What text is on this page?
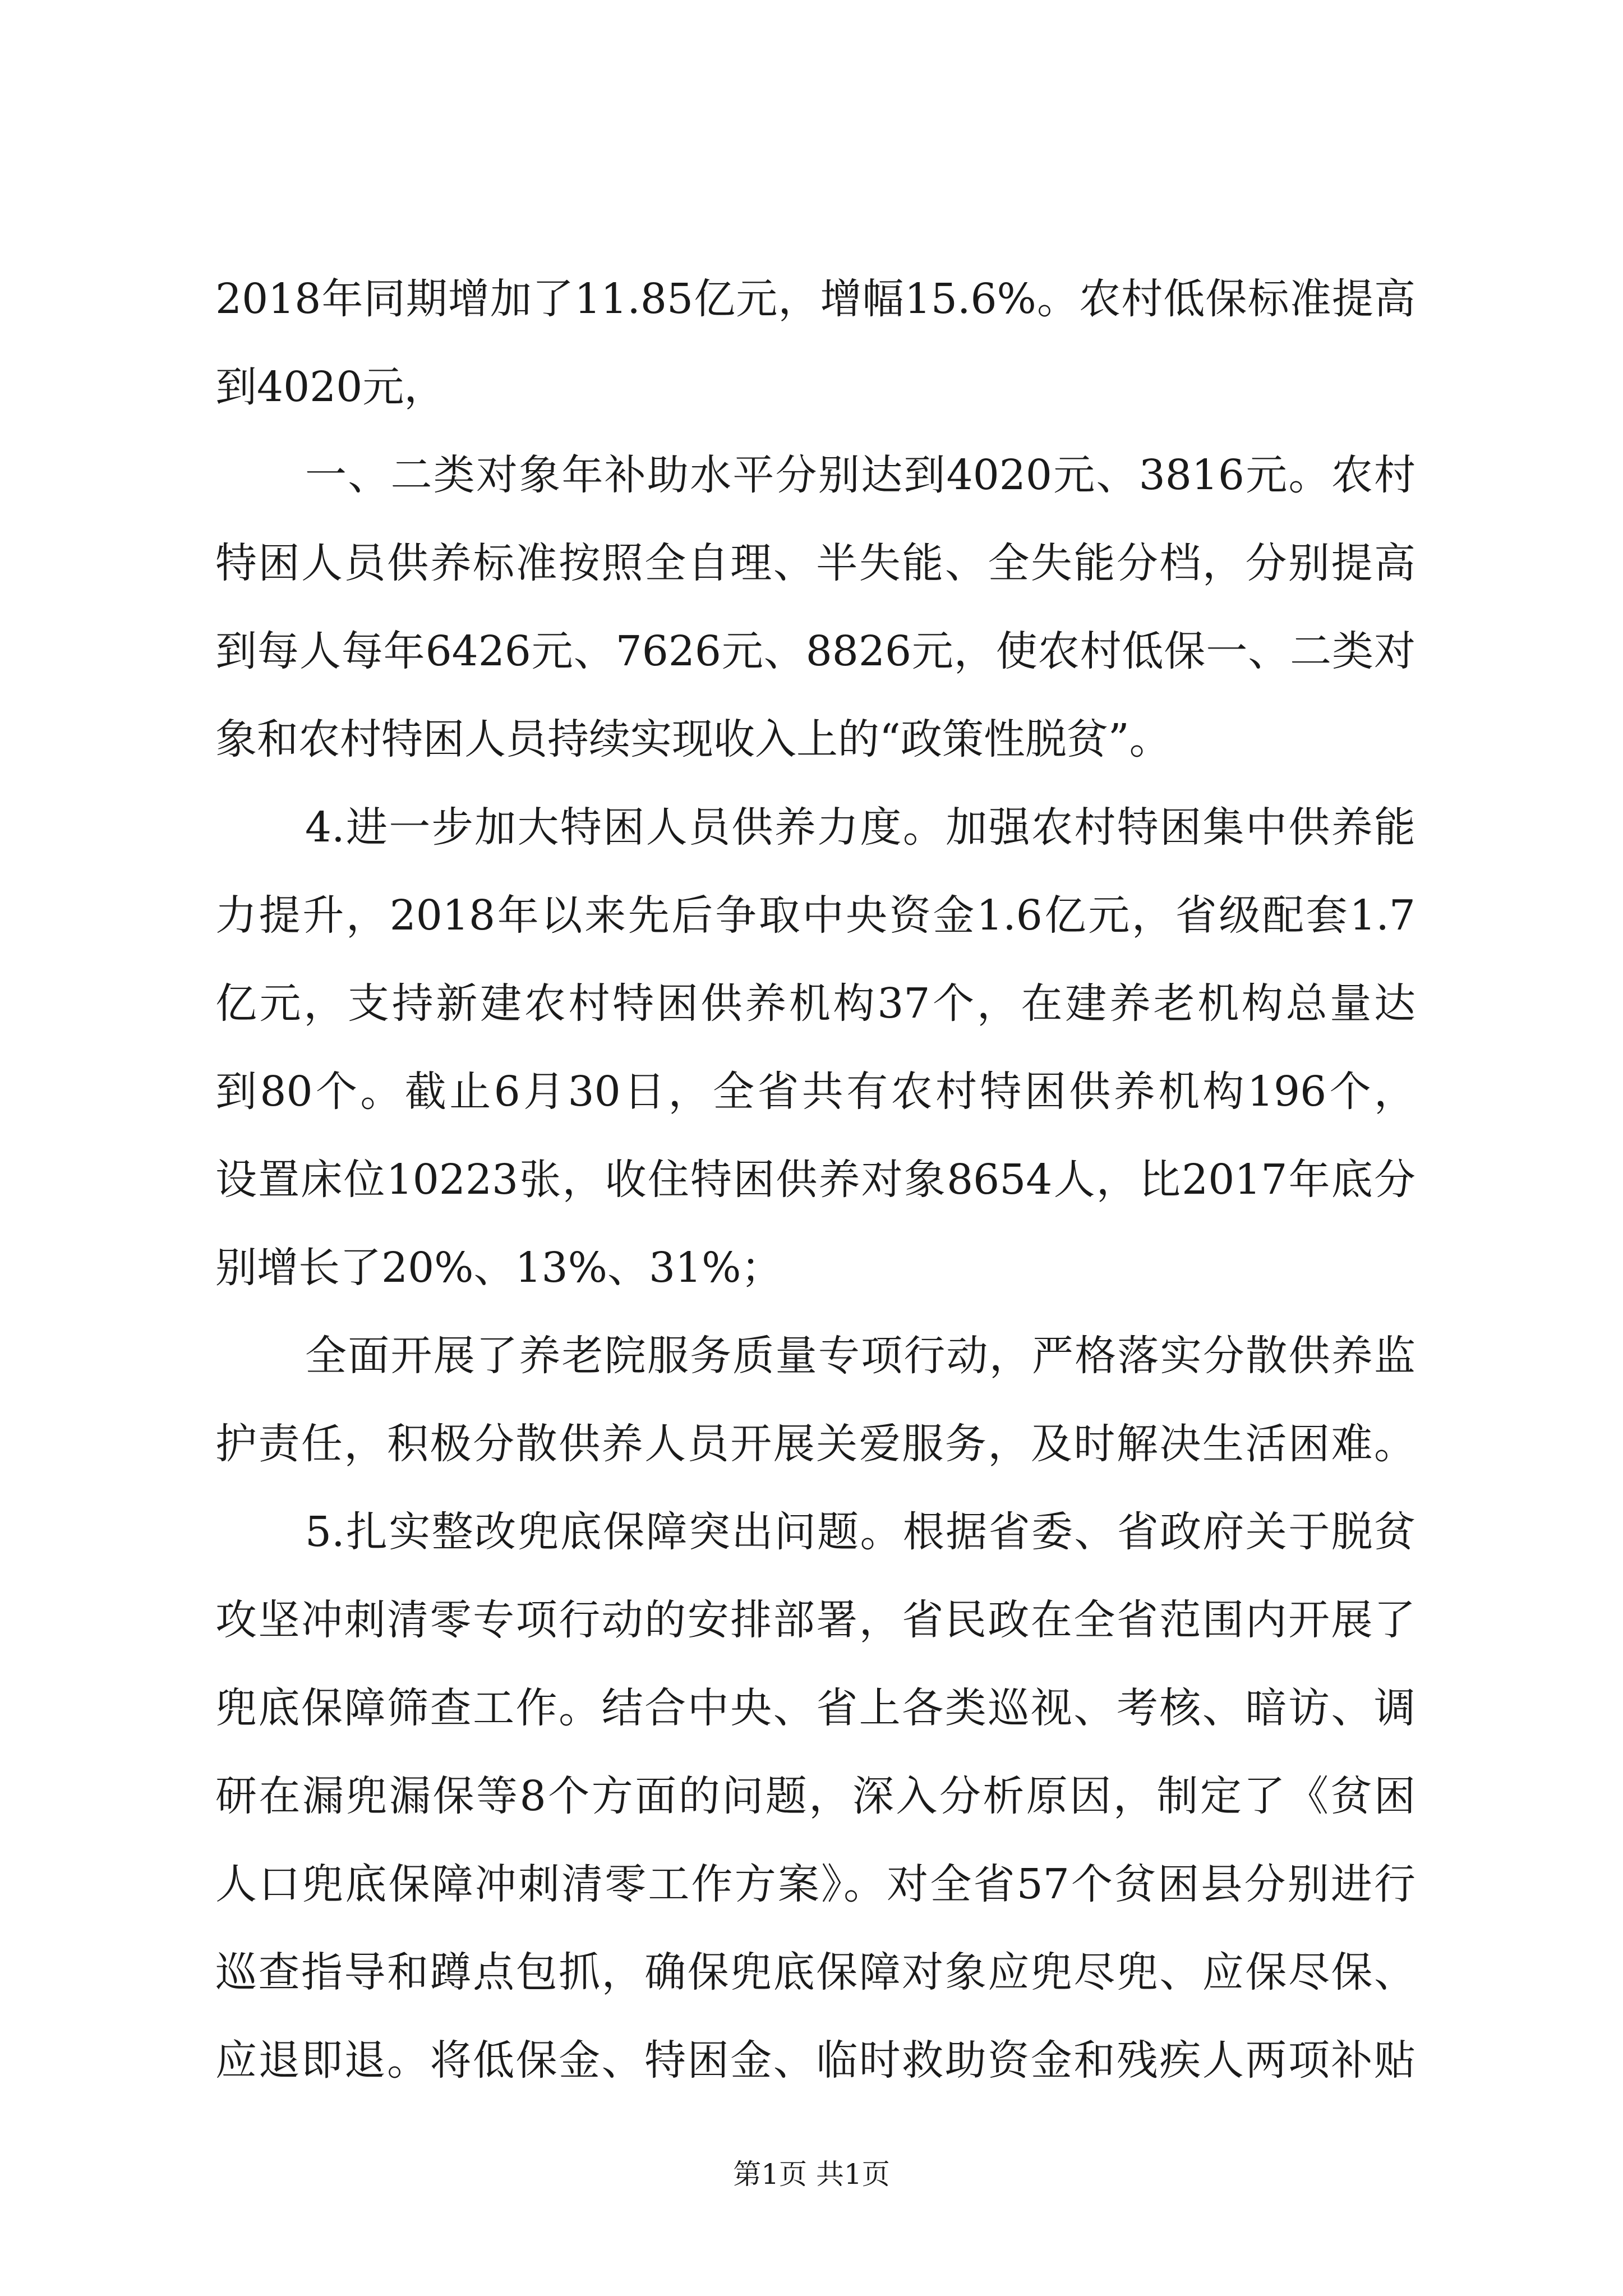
2018年同期增加了11.85亿元，增幅15.6%。农村低保标准提高
到4020元，
一、二类对象年补助水平分别达到4020元、3816元。农村
特困人员供养标准按照全自理、半失能、全失能分档，分别提高
到每人每年6426元、7626元、8826元，使农村低保一、二类对
象和农村特困人员持续实现收入上的“政策性脱贫”。
4.进一步加大特困人员供养力度。加强农村特困集中供养能
力提升，2018年以来先后争取中央资金1.6亿元，省级配套1.7
亿元，支持新建农村特困供养机构37个，在建养老机构总量达
到80个。截止6月30日，全省共有农村特困供养机构196个，
设置床位10223张，收住特困供养对象8654人，比2017年底分
别增长了20%、13%、31%；
全面开展了养老院服务质量专项行动，严格落实分散供养监
护责任，积极分散供养人员开展关爱服务，及时解决生活困难。
5.扎实整改兜底保障突出问题。根据省委、省政府关于脱贫
攻坚冲刺清零专项行动的安排部署，省民政在全省范围内开展了
兜底保障筛查工作。结合中央、省上各类巡视、考核、暗访、调
研在漏兜漏保等8个方面的问题，深入分析原因，制定了《贫困
人口兜底保障冲刺清零工作方案》。对全省57个贫困县分别进行
巡查指导和蹲点包抓，确保兜底保障对象应兜尽兜、应保尽保、
应退即退。将低保金、特困金、临时救助资金和残疾人两项补贴
第1页 共1页
